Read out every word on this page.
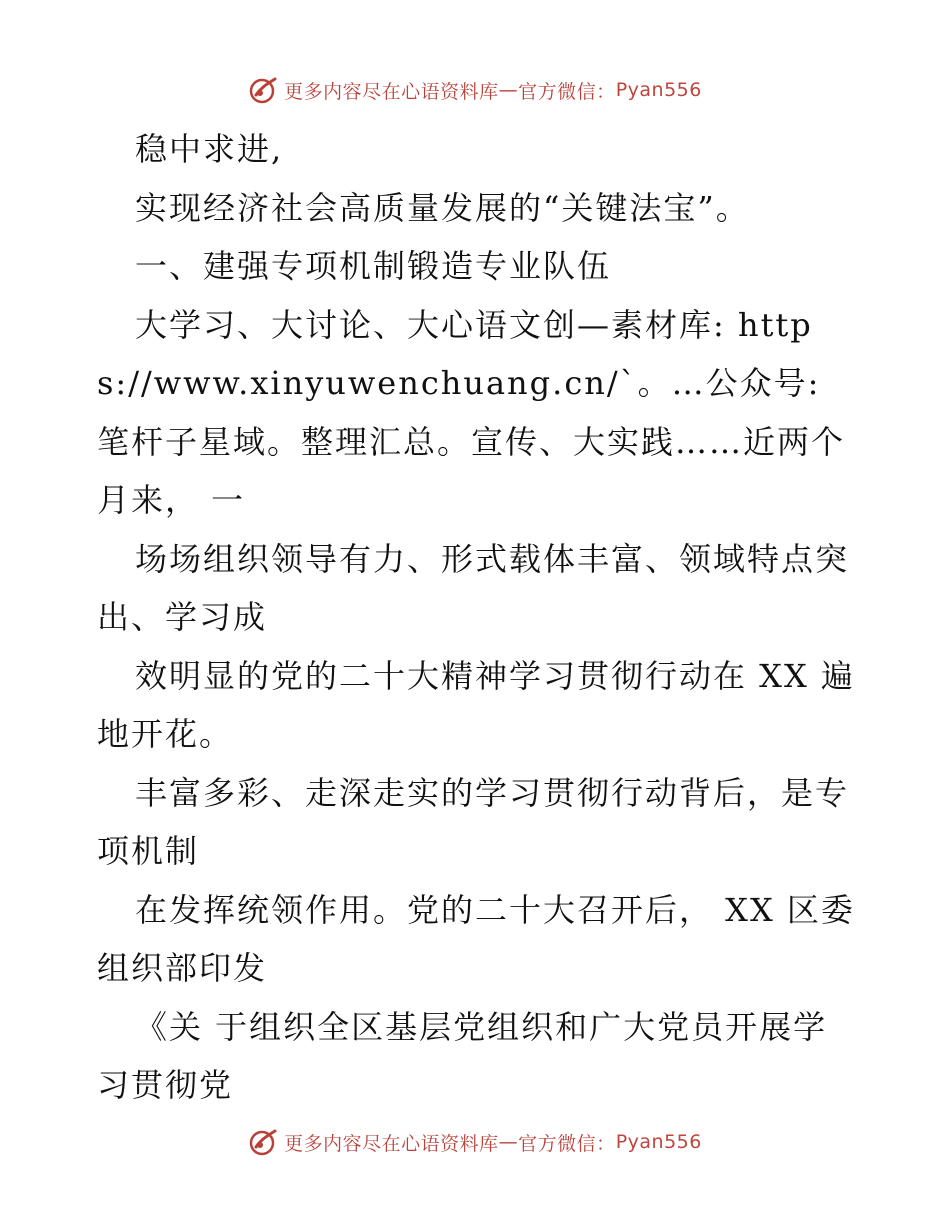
更多内容尽在心语资料库 — 官方微信： Pyan556

稳中求进,

实现经济社会高质量发展的“关键法宝”。

一、建强专项机制锻造专业队伍

大学习、大讨论、大心语文创—素材库: https://www.xinyuwenchuang.cn/`。…公众号: 笔杆子星域。整理汇总。宣传、大实践……近两个月来， 一

场场组织领导有力、形式载体丰富、领域特点突出、学习成

效明显的党的二十大精神学习贯彻行动在 XX 遍地开花。

丰富多彩、走深走实的学习贯彻行动背后，是专项机制

在发挥统领作用。党的二十大召开后， XX 区委组织部印发

《关 于组织全区基层党组织和广大党员开展学习贯彻党

更多内容尽在心语资料库 — 官方微信： Pyan556
